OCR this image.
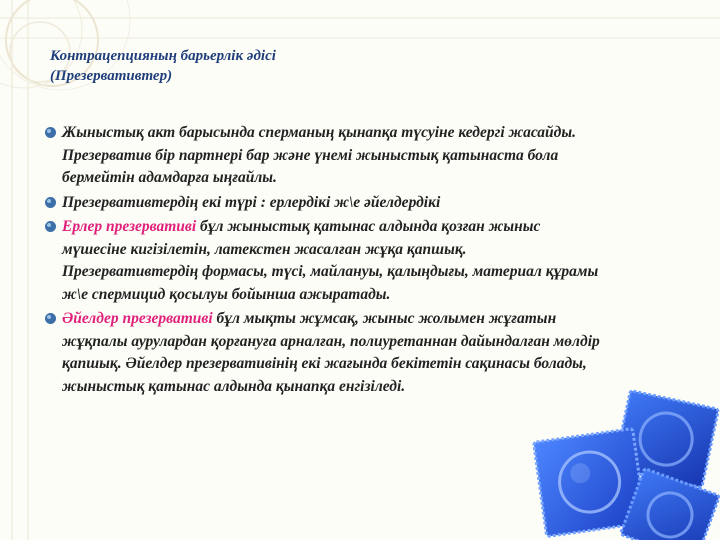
Контрацепцияның барьерлік әдісі
(Презервативтер)
Жыныстық акт барысында сперманың қынапқа түсуіне кедергі жасайды. Презерватив бір партнері бар және үнемі жыныстық қатынаста бола бермейтін адамдарға ыңғайлы.
Презервативтердің екі түрі : ерлердікі ж\е әйелдердікі
Ерлер презервативі бұл жыныстық қатынас алдында қозған жыныс мүшесіне кигізілетін, латекстен жасалған жұқа қапшық. Презервативтердің формасы, түсі, майлануы, қалыңдығы, материал құрамы ж\е спермицид қосылуы бойынша ажыратады.
Әйелдер презервативі бұл мықты жұмсақ, жыныс жолымен жұғатын жұқпалы аурулардан қорғануға арналған, полиуретаннан дайындалған мөлдір қапшық. Әйелдер презервативінің екі жағында бекітетін сақинасы болады, жыныстық қатынас алдында қынапқа енгізіледі.
